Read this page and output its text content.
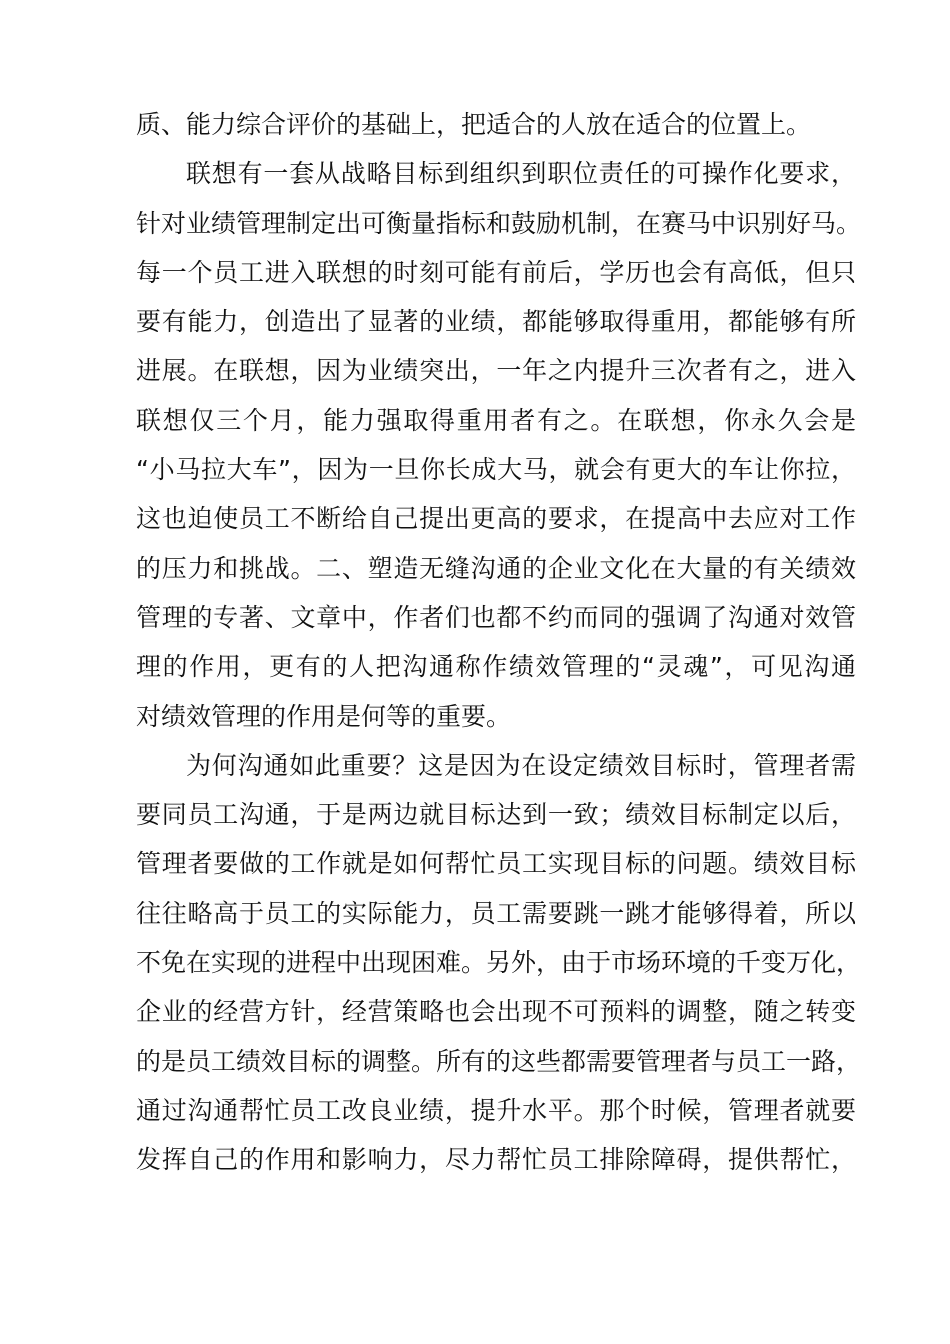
质、能力综合评价的基础上，把适合的人放在适合的位置上。
联想有一套从战略目标到组织到职位责任的可操作化要求，
针对业绩管理制定出可衡量指标和鼓励机制，在赛马中识别好马。
每一个员工进入联想的时刻可能有前后，学历也会有高低，但只
要有能力，创造出了显著的业绩，都能够取得重用，都能够有所
进展。在联想，因为业绩突出，一年之内提升三次者有之，进入
联想仅三个月，能力强取得重用者有之。在联想，你永久会是
“小马拉大车”，因为一旦你长成大马，就会有更大的车让你拉，
这也迫使员工不断给自己提出更高的要求，在提高中去应对工作
的压力和挑战。二、塑造无缝沟通的企业文化在大量的有关绩效
管理的专著、文章中，作者们也都不约而同的强调了沟通对效管
理的作用，更有的人把沟通称作绩效管理的“灵魂”，可见沟通
对绩效管理的作用是何等的重要。
为何沟通如此重要？这是因为在设定绩效目标时，管理者需
要同员工沟通，于是两边就目标达到一致；绩效目标制定以后，
管理者要做的工作就是如何帮忙员工实现目标的问题。绩效目标
往往略高于员工的实际能力，员工需要跳一跳才能够得着，所以
不免在实现的进程中出现困难。另外，由于市场环境的千变万化，
企业的经营方针，经营策略也会出现不可预料的调整，随之转变
的是员工绩效目标的调整。所有的这些都需要管理者与员工一路，
通过沟通帮忙员工改良业绩，提升水平。那个时候，管理者就要
发挥自己的作用和影响力，尽力帮忙员工排除障碍，提供帮忙，
